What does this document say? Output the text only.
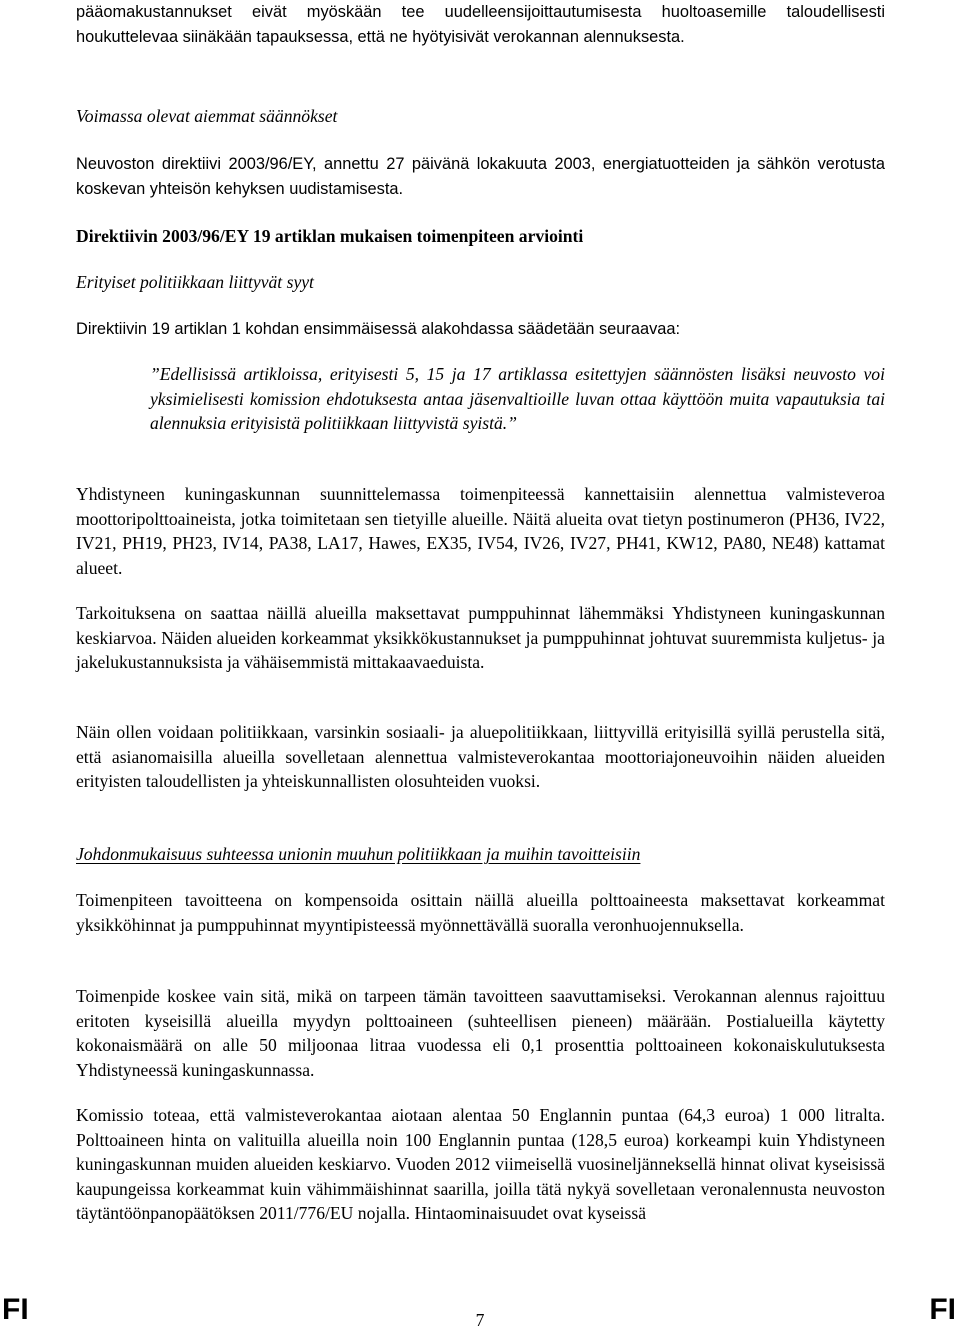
pääomakustannukset eivät myöskään tee uudelleensijoittautumisesta huoltoasemille taloudellisesti houkuttelevaa siinäkään tapauksessa, että ne hyötyisivät verokannan alennuksesta.
Voimassa olevat aiemmat säännökset
Neuvoston direktiivi 2003/96/EY, annettu 27 päivänä lokakuuta 2003, energiatuotteiden ja sähkön verotusta koskevan yhteisön kehyksen uudistamisesta.
Direktiivin 2003/96/EY 19 artiklan mukaisen toimenpiteen arviointi
Erityiset politiikkaan liittyvät syyt
Direktiivin 19 artiklan 1 kohdan ensimmäisessä alakohdassa säädetään seuraavaa:
”Edellisissä artikloissa, erityisesti 5, 15 ja 17 artiklassa esitettyjen säännösten lisäksi neuvosto voi yksimielisesti komission ehdotuksesta antaa jäsenvaltioille luvan ottaa käyttöön muita vapautuksia tai alennuksia erityisistä politiikkaan liittyvistä syistä.”
Yhdistyneen kuningaskunnan suunnittelemassa toimenpiteessä kannettaisiin alennettua valmisteveroa moottoripolttoaineista, jotka toimitetaan sen tietyille alueille. Näitä alueita ovat tietyn postinumeron (PH36, IV22, IV21, PH19, PH23, IV14, PA38, LA17, Hawes, EX35, IV54, IV26, IV27, PH41, KW12, PA80, NE48) kattamat alueet.
Tarkoituksena on saattaa näillä alueilla maksettavat pumppuhinnat lähemmäksi Yhdistyneen kuningaskunnan keskiarvoa. Näiden alueiden korkeammat yksikkökustannukset ja pumppuhinnat johtuvat suuremmista kuljetus- ja jakelukustannuksista ja vähäisemmistä mittakaavaeduista.
Näin ollen voidaan politiikkaan, varsinkin sosiaali- ja aluepolitiikkaan, liittyvillä erityisillä syillä perustella sitä, että asianomaisilla alueilla sovelletaan alennettua valmisteverokantaa moottoriajoneuvoihin näiden alueiden erityisten taloudellisten ja yhteiskunnallisten olosuhteiden vuoksi.
Johdonmukaisuus suhteessa unionin muuhun politiikkaan ja muihin tavoitteisiin
Toimenpiteen tavoitteena on kompensoida osittain näillä alueilla polttoaineesta maksettavat korkeammat yksikköhinnat ja pumppuhinnat myyntipisteessä myönnettävällä suoralla veronhuojennuksella.
Toimenpide koskee vain sitä, mikä on tarpeen tämän tavoitteen saavuttamiseksi. Verokannan alennus rajoittuu eritoten kyseisillä alueilla myydyn polttoaineen (suhteellisen pieneen) määrään. Postialueilla käytetty kokonaismäärä on alle 50 miljoonaa litraa vuodessa eli 0,1 prosenttia polttoaineen kokonaiskulutuksesta Yhdistyneessä kuningaskunnassa.
Komissio toteaa, että valmisteverokantaa aiotaan alentaa 50 Englannin puntaa (64,3 euroa) 1 000 litralta. Polttoaineen hinta on valituilla alueilla noin 100 Englannin puntaa (128,5 euroa) korkeampi kuin Yhdistyneen kuningaskunnan muiden alueiden keskiarvo. Vuoden 2012 viimeisellä vuosineljänneksellä hinnat olivat kyseisissä kaupungeissa korkeammat kuin vähimmäishinnat saarilla, joilla tätä nykyä sovelletaan veronalennusta neuvoston täytäntöönpanopäätöksen 2011/776/EU nojalla. Hintaominaisuudet ovat kyseissä
FI	7	FI
